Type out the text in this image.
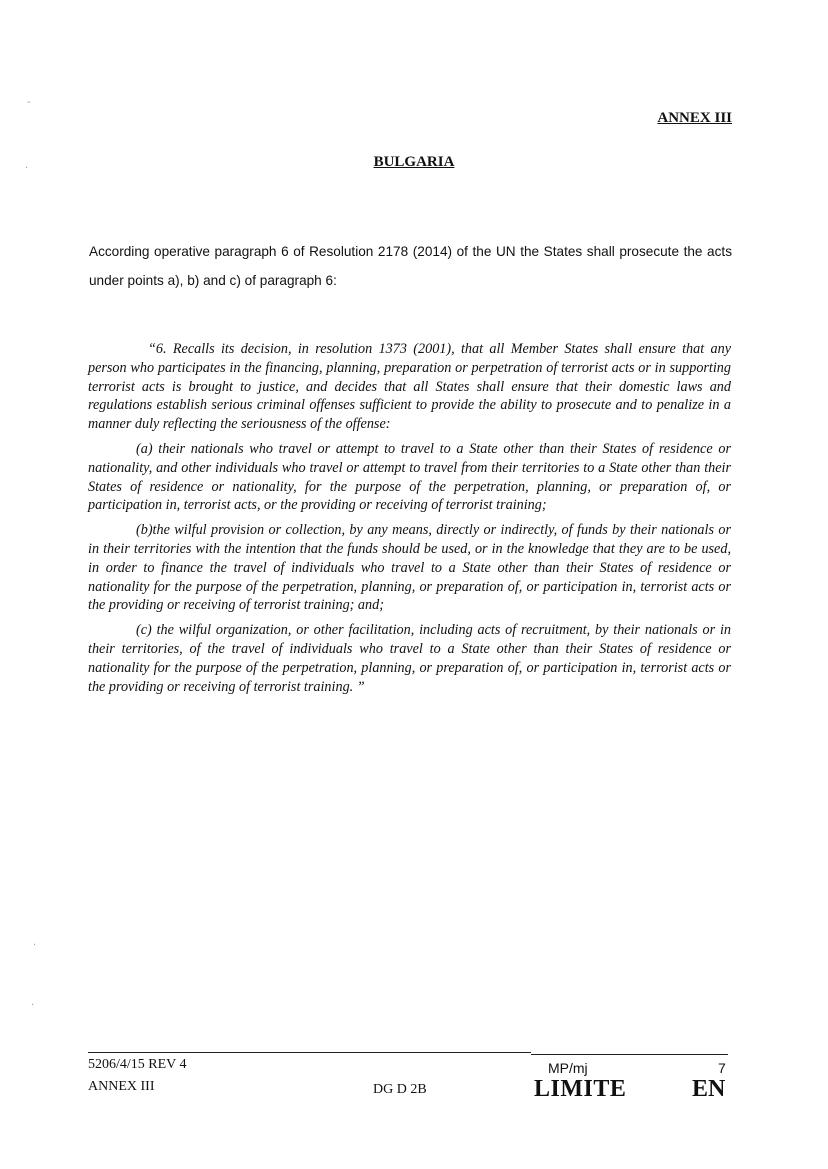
-
·
·
·
ANNEX III
BULGARIA
According operative paragraph 6 of Resolution 2178 (2014) of the UN the States shall prosecute the acts under points a), b) and c) of paragraph 6:

“6. Recalls its decision, in resolution 1373 (2001), that all Member States shall ensure that any person who participates in the financing, planning, preparation or perpetration of terrorist acts or in supporting terrorist acts is brought to justice, and decides that all States shall ensure that their domestic laws and regulations establish serious criminal offenses sufficient to provide the ability to prosecute and to penalize in a manner duly reflecting the seriousness of the offense:

(a) their nationals who travel or attempt to travel to a State other than their States of residence or nationality, and other individuals who travel or attempt to travel from their territories to a State other than their States of residence or nationality, for the purpose of the perpetration, planning, or preparation of, or participation in, terrorist acts, or the providing or receiving of terrorist training;

(b)the wilful provision or collection, by any means, directly or indirectly, of funds by their nationals or in their territories with the intention that the funds should be used, or in the knowledge that they are to be used, in order to finance the travel of individuals who travel to a State other than their States of residence or nationality for the purpose of the perpetration, planning, or preparation of, or participation in, terrorist acts or the providing or receiving of terrorist training; and;

(c) the wilful organization, or other facilitation, including acts of recruitment, by their nationals or in their territories, of the travel of individuals who travel to a State other than their States of residence or nationality for the purpose of the perpetration, planning, or preparation of, or participation in, terrorist acts or the providing or receiving of terrorist training. ”

5206/4/15 REV 4
ANNEX III	DG D 2B
MP/mj	7
LIMITE	EN
